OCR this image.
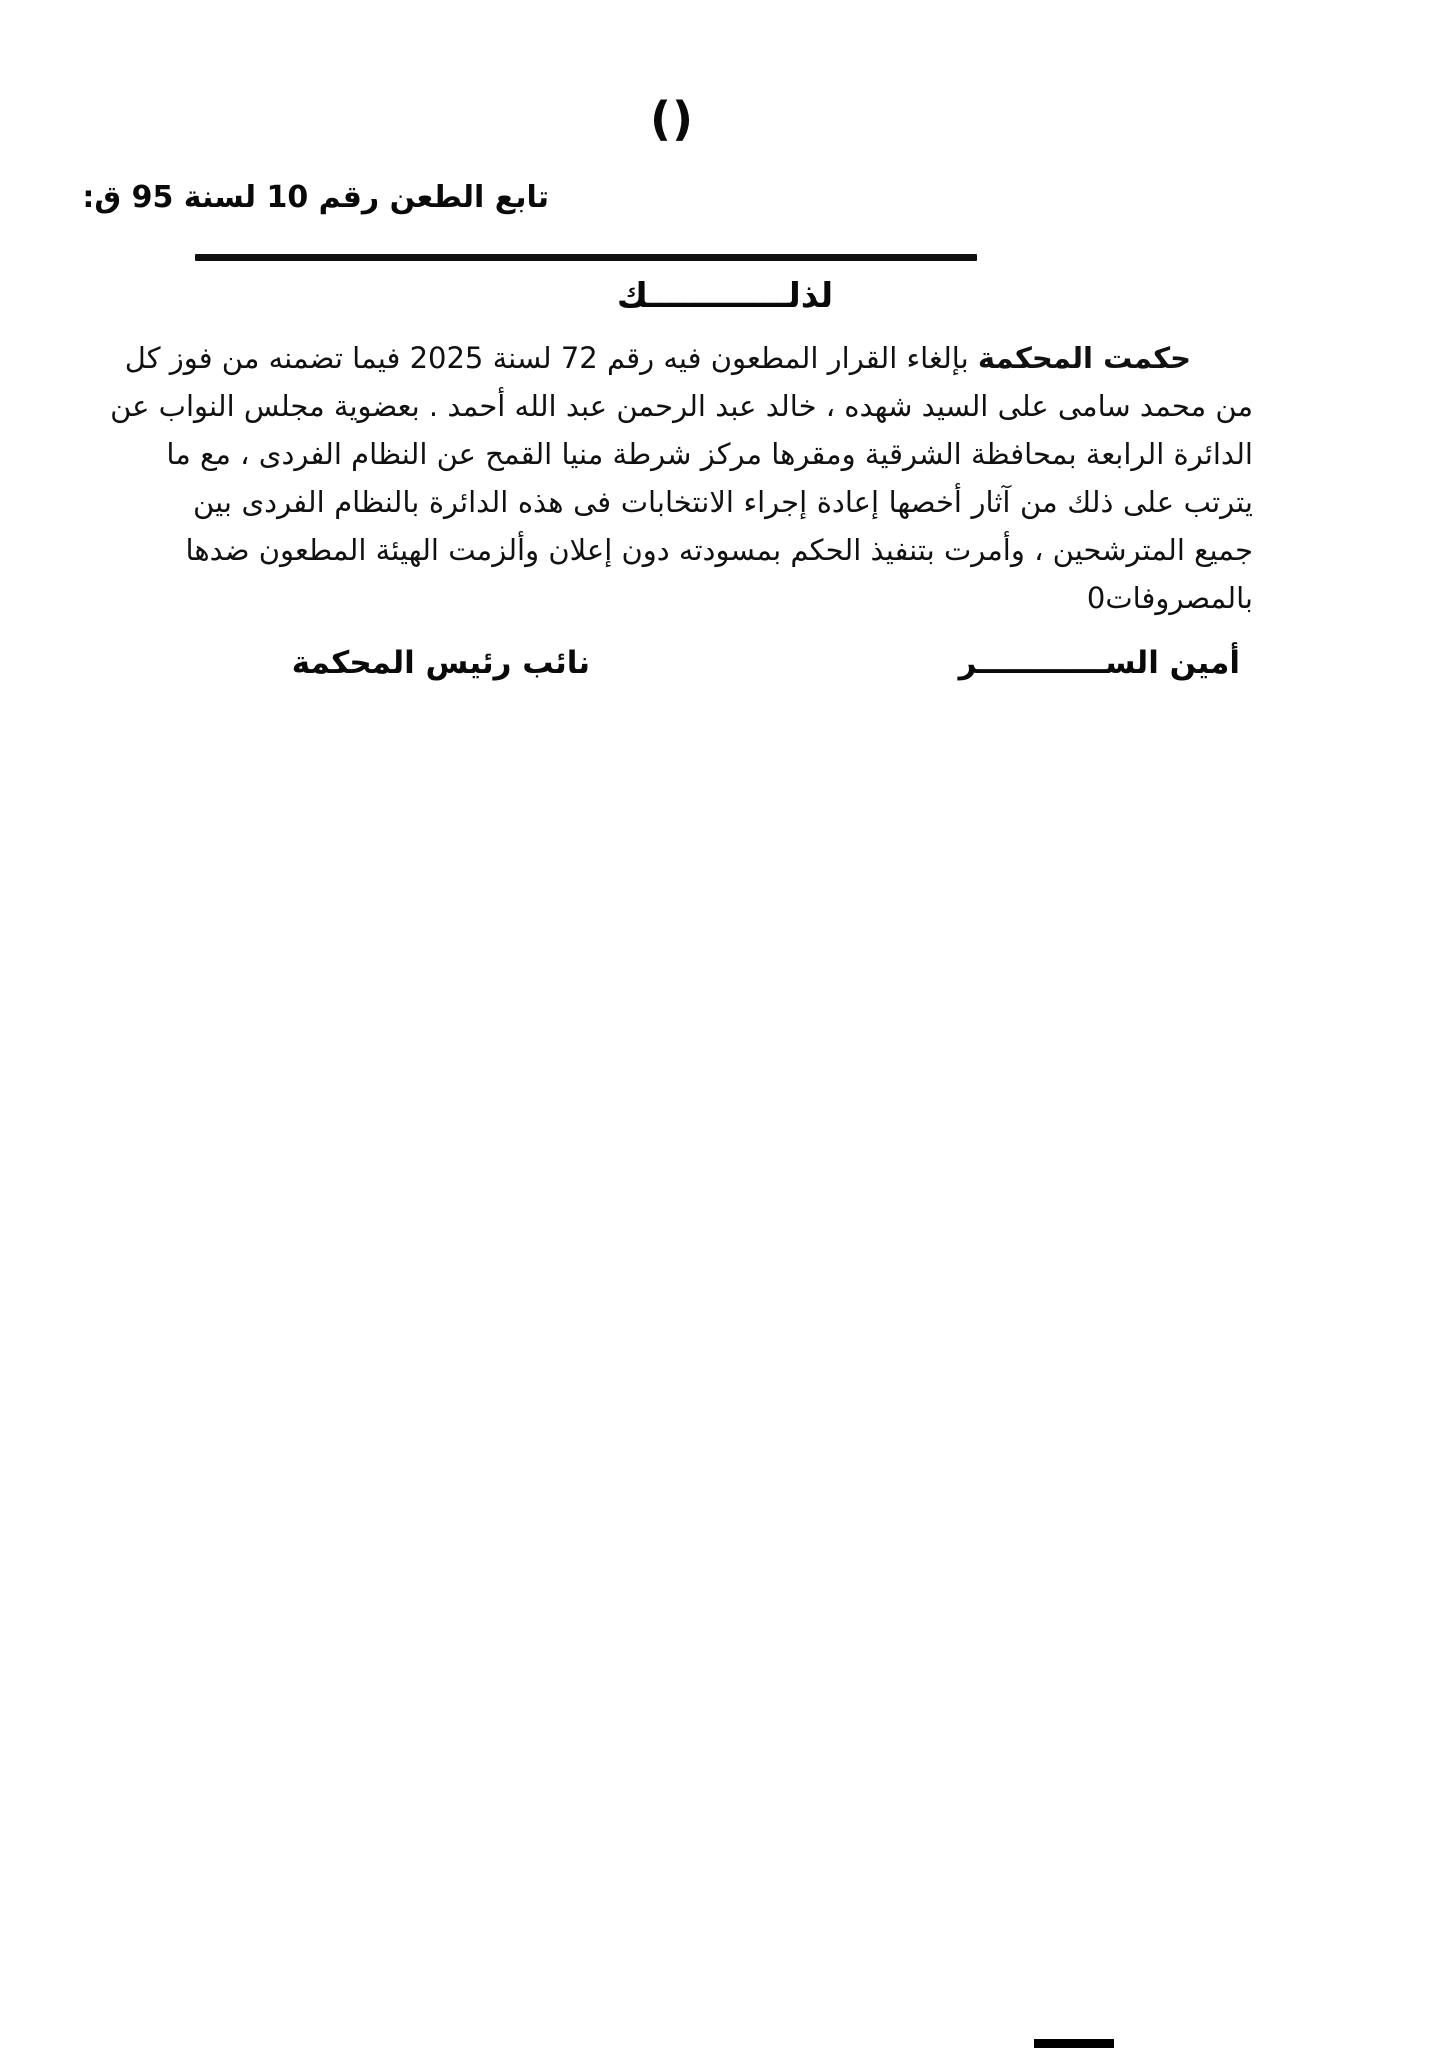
()
تابع الطعن رقم 10 لسنة 95 ق:
لذلــــــــــــك
حكمت المحكمة بإلغاء القرار المطعون فيه رقم 72 لسنة 2025 فيما تضمنه من فوز كل
من محمد سامى على السيد شهده ، خالد عبد الرحمن عبد الله أحمد . بعضوية مجلس النواب عن
الدائرة الرابعة بمحافظة الشرقية ومقرها مركز شرطة منيا القمح عن النظام الفردى ، مع ما
يترتب على ذلك من آثار أخصها إعادة إجراء الانتخابات فى هذه الدائرة بالنظام الفردى بين
جميع المترشحين ، وأمرت بتنفيذ الحكم بمسودته دون إعلان وألزمت الهيئة المطعون ضدها
بالمصروفات0
أمين الســــــــــــر
نائب رئيس المحكمة
